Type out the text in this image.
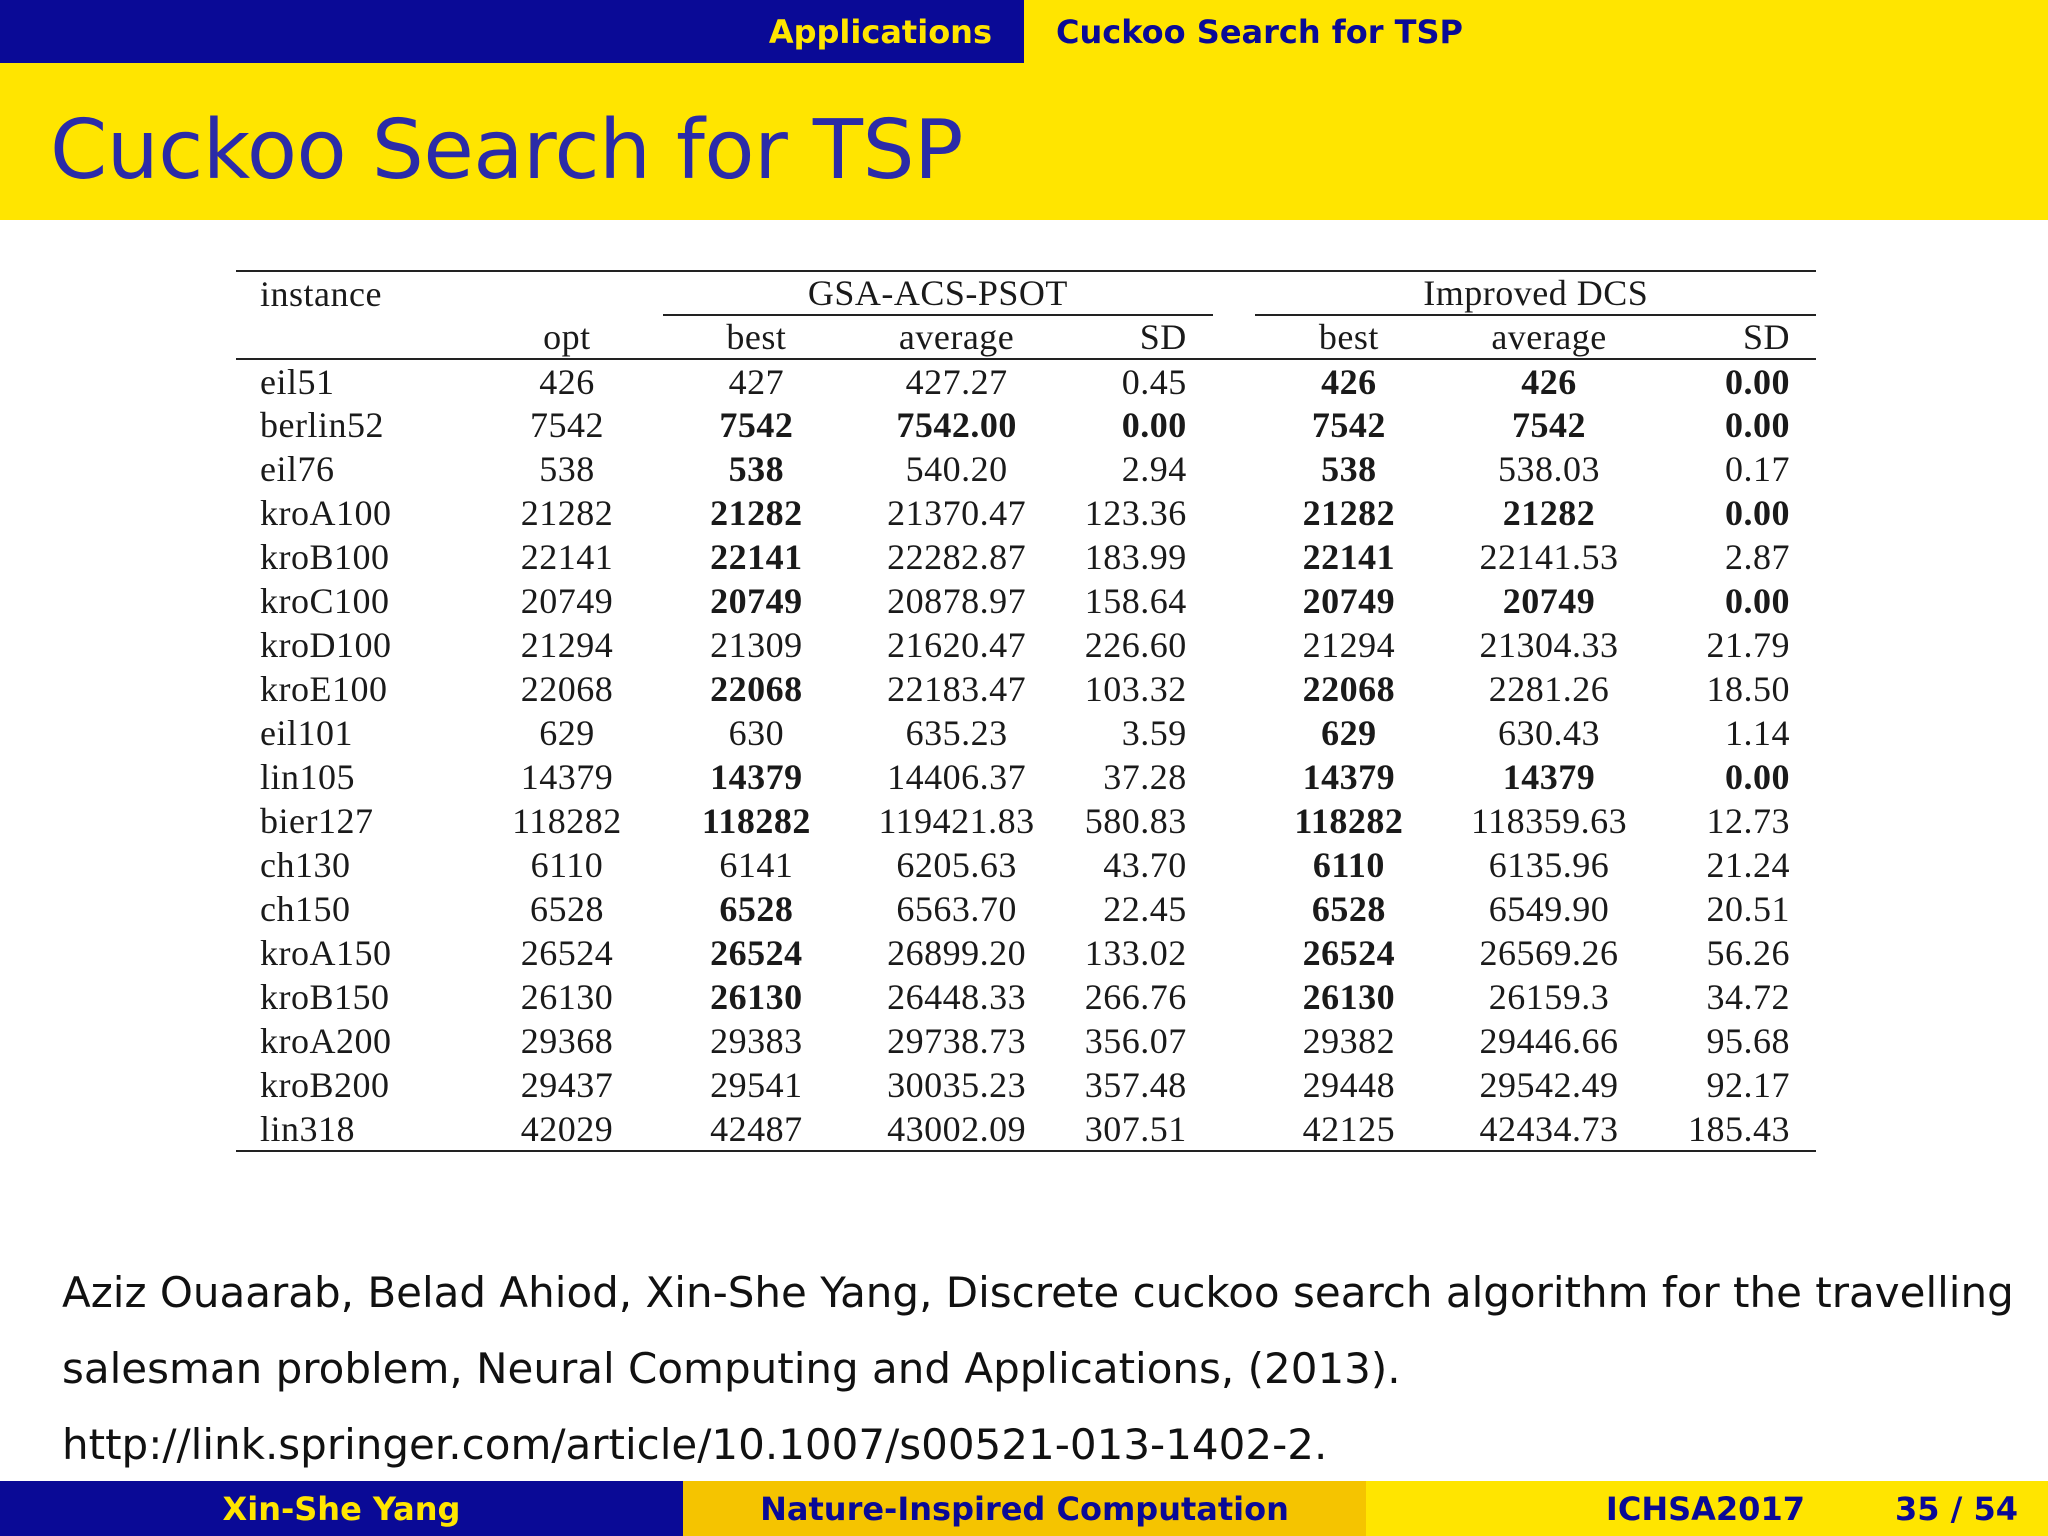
Applications Cuckoo Search for TSP
Cuckoo Search for TSP
instance		GSA-ACS-PSOT				Improved DCS		
	opt	best	average	SD		best	average	SD
eil51	426	427	427.27	0.45		426	426	0.00
berlin52	7542	7542	7542.00	0.00		7542	7542	0.00
eil76	538	538	540.20	2.94		538	538.03	0.17
kroA100	21282	21282	21370.47	123.36		21282	21282	0.00
kroB100	22141	22141	22282.87	183.99		22141	22141.53	2.87
kroC100	20749	20749	20878.97	158.64		20749	20749	0.00
kroD100	21294	21309	21620.47	226.60		21294	21304.33	21.79
kroE100	22068	22068	22183.47	103.32		22068	2281.26	18.50
eil101	629	630	635.23	3.59		629	630.43	1.14
lin105	14379	14379	14406.37	37.28		14379	14379	0.00
bier127	118282	118282	119421.83	580.83		118282	118359.63	12.73
ch130	6110	6141	6205.63	43.70		6110	6135.96	21.24
ch150	6528	6528	6563.70	22.45		6528	6549.90	20.51
kroA150	26524	26524	26899.20	133.02		26524	26569.26	56.26
kroB150	26130	26130	26448.33	266.76		26130	26159.3	34.72
kroA200	29368	29383	29738.73	356.07		29382	29446.66	95.68
kroB200	29437	29541	30035.23	357.48		29448	29542.49	92.17
lin318	42029	42487	43002.09	307.51		42125	42434.73	185.43
Aziz Ouaarab, Belad Ahiod, Xin-She Yang, Discrete cuckoo search algorithm for the travelling
salesman problem, Neural Computing and Applications, (2013).
http://link.springer.com/article/10.1007/s00521-013-1402-2.
Xin-She Yang	Nature-Inspired Computation	ICHSA2017	35 / 54
